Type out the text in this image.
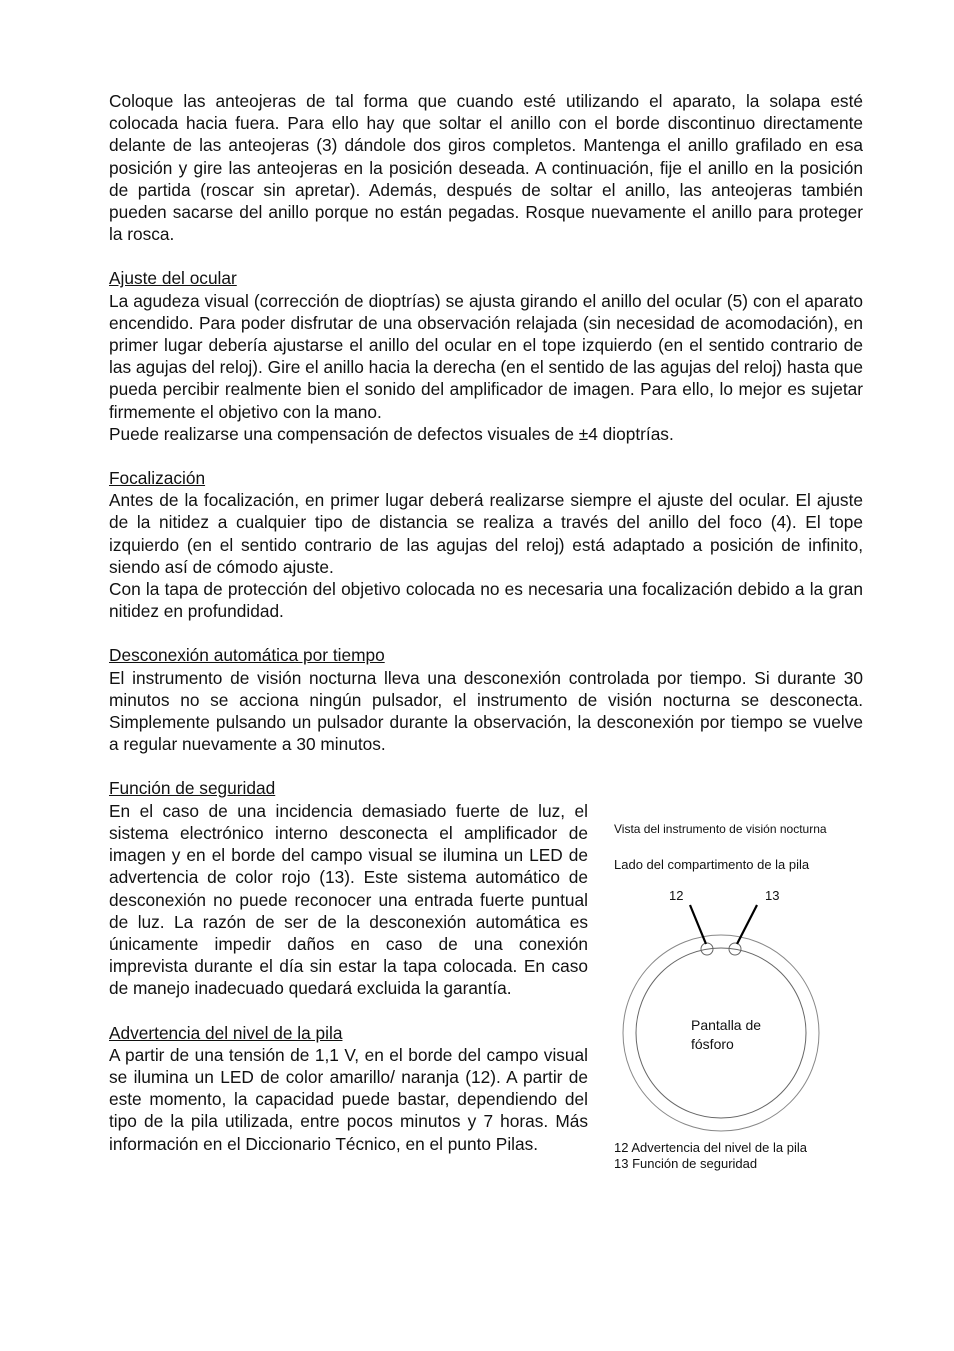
Coloque las anteojeras de tal forma que cuando esté utilizando el aparato, la solapa esté colocada hacia fuera. Para ello hay que soltar el anillo con el borde discontinuo directamente delante de las anteojeras (3) dándole dos giros completos. Mantenga el anillo grafilado en esa posición y gire las anteojeras en la posición deseada. A continuación, fije el anillo en la posición de partida (roscar sin apretar). Además, después de soltar el anillo, las anteojeras también pueden sacarse del anillo porque no están pegadas. Rosque nuevamente el anillo para proteger la rosca.

Ajuste del ocular

La agudeza visual (corrección de dioptrías) se ajusta girando el anillo del ocular (5) con el aparato encendido. Para poder disfrutar de una observación relajada (sin necesidad de acomodación), en primer lugar debería ajustarse el anillo del ocular en el tope izquierdo (en el sentido contrario de las agujas del reloj). Gire el anillo hacia la derecha (en el sentido de las agujas del reloj) hasta que pueda percibir realmente bien el sonido del amplificador de imagen. Para ello, lo mejor es sujetar firmemente el objetivo con la mano.

Puede realizarse una compensación de defectos visuales de ±4 dioptrías.

Focalización

Antes de la focalización, en primer lugar deberá realizarse siempre el ajuste del ocular. El ajuste de la nitidez a cualquier tipo de distancia se realiza a través del anillo del foco (4). El tope izquierdo (en el sentido contrario de las agujas del reloj) está adaptado a posición de infinito, siendo así de cómodo ajuste.

Con la tapa de protección del objetivo colocada no es necesaria una focalización debido a la gran nitidez en profundidad.

Desconexión automática por tiempo

El instrumento de visión nocturna lleva una desconexión controlada por tiempo. Si durante 30 minutos no se acciona ningún pulsador, el instrumento de visión nocturna se desconecta. Simplemente pulsando un pulsador durante la observación, la desconexión por tiempo se vuelve a regular nuevamente a 30 minutos.

Función de seguridad

En el caso de una incidencia demasiado fuerte de luz, el sistema electrónico interno desconecta el amplificador de imagen y en el borde del campo visual se ilumina un LED de advertencia de color rojo (13). Este sistema automático de desconexión no puede reconocer una entrada fuerte puntual de luz. La razón de ser de la desconexión automática es únicamente impedir daños en caso de una conexión imprevista durante el día sin estar la tapa colocada. En caso de manejo inadecuado quedará excluida la garantía.

Advertencia del nivel de la pila

A partir de una tensión de 1,1 V, en el borde del campo visual se ilumina un LED de color amarillo/ naranja (12). A partir de este momento, la capacidad puede bastar, dependiendo del tipo de la pila utilizada, entre pocos minutos y 7 horas. Más información en el Diccionario Técnico, en el punto Pilas.

Vista del instrumento de visión nocturna
Lado del compartimento de la pila
12	13
Pantalla de
fósforo
12 Advertencia del nivel de la pila
13 Función de seguridad
